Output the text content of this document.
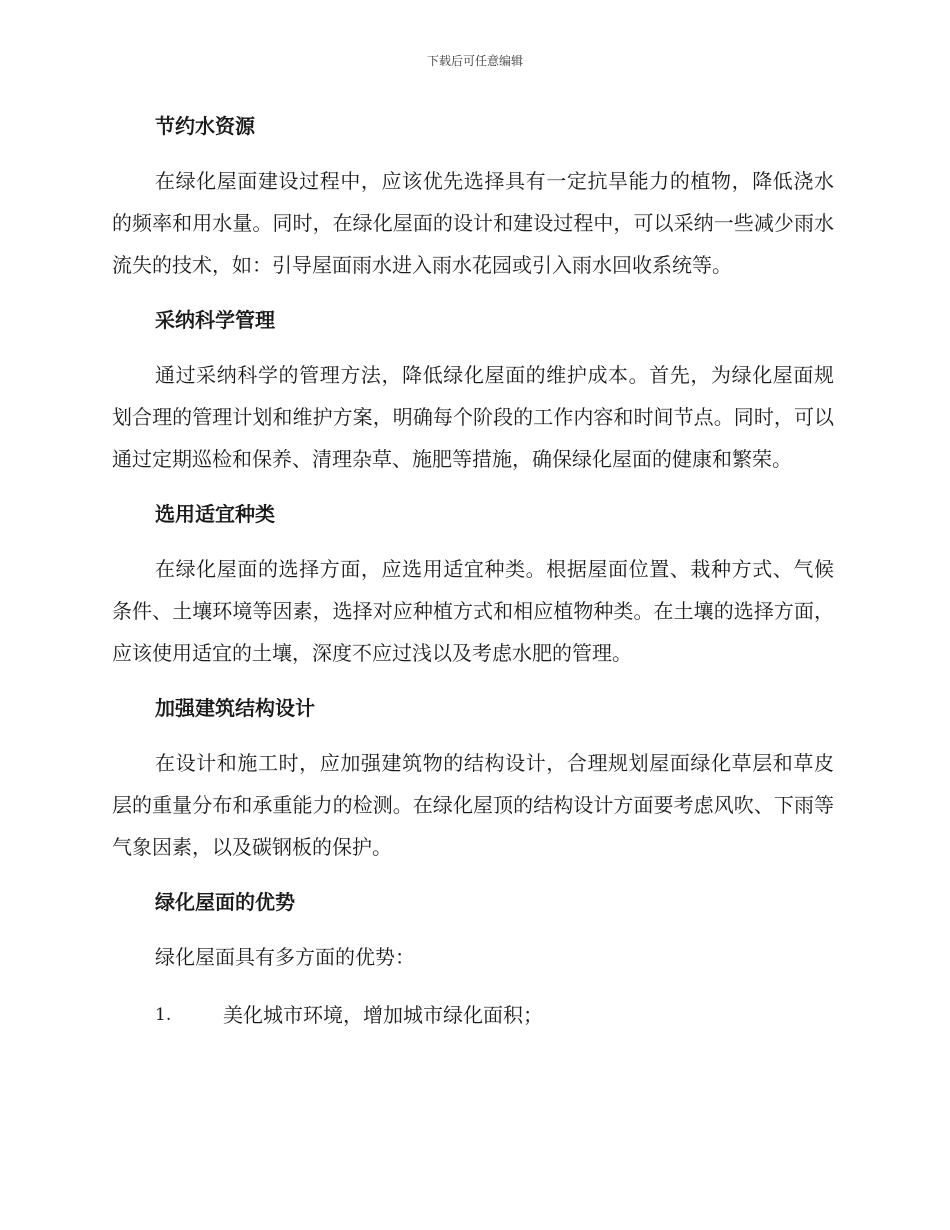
下载后可任意编辑
节约水资源

在绿化屋面建设过程中，应该优先选择具有一定抗旱能力的植物，降低浇水的频率和用水量。同时，在绿化屋面的设计和建设过程中，可以采纳一些减少雨水流失的技术，如：引导屋面雨水进入雨水花园或引入雨水回收系统等。

采纳科学管理

通过采纳科学的管理方法，降低绿化屋面的维护成本。首先，为绿化屋面规划合理的管理计划和维护方案，明确每个阶段的工作内容和时间节点。同时，可以通过定期巡检和保养、清理杂草、施肥等措施，确保绿化屋面的健康和繁荣。

选用适宜种类

在绿化屋面的选择方面，应选用适宜种类。根据屋面位置、栽种方式、气候条件、土壤环境等因素，选择对应种植方式和相应植物种类。在土壤的选择方面，应该使用适宜的土壤，深度不应过浅以及考虑水肥的管理。

加强建筑结构设计

在设计和施工时，应加强建筑物的结构设计，合理规划屋面绿化草层和草皮层的重量分布和承重能力的检测。在绿化屋顶的结构设计方面要考虑风吹、下雨等气象因素，以及碳钢板的保护。

绿化屋面的优势

绿化屋面具有多方面的优势：

1.	美化城市环境，增加城市绿化面积；
